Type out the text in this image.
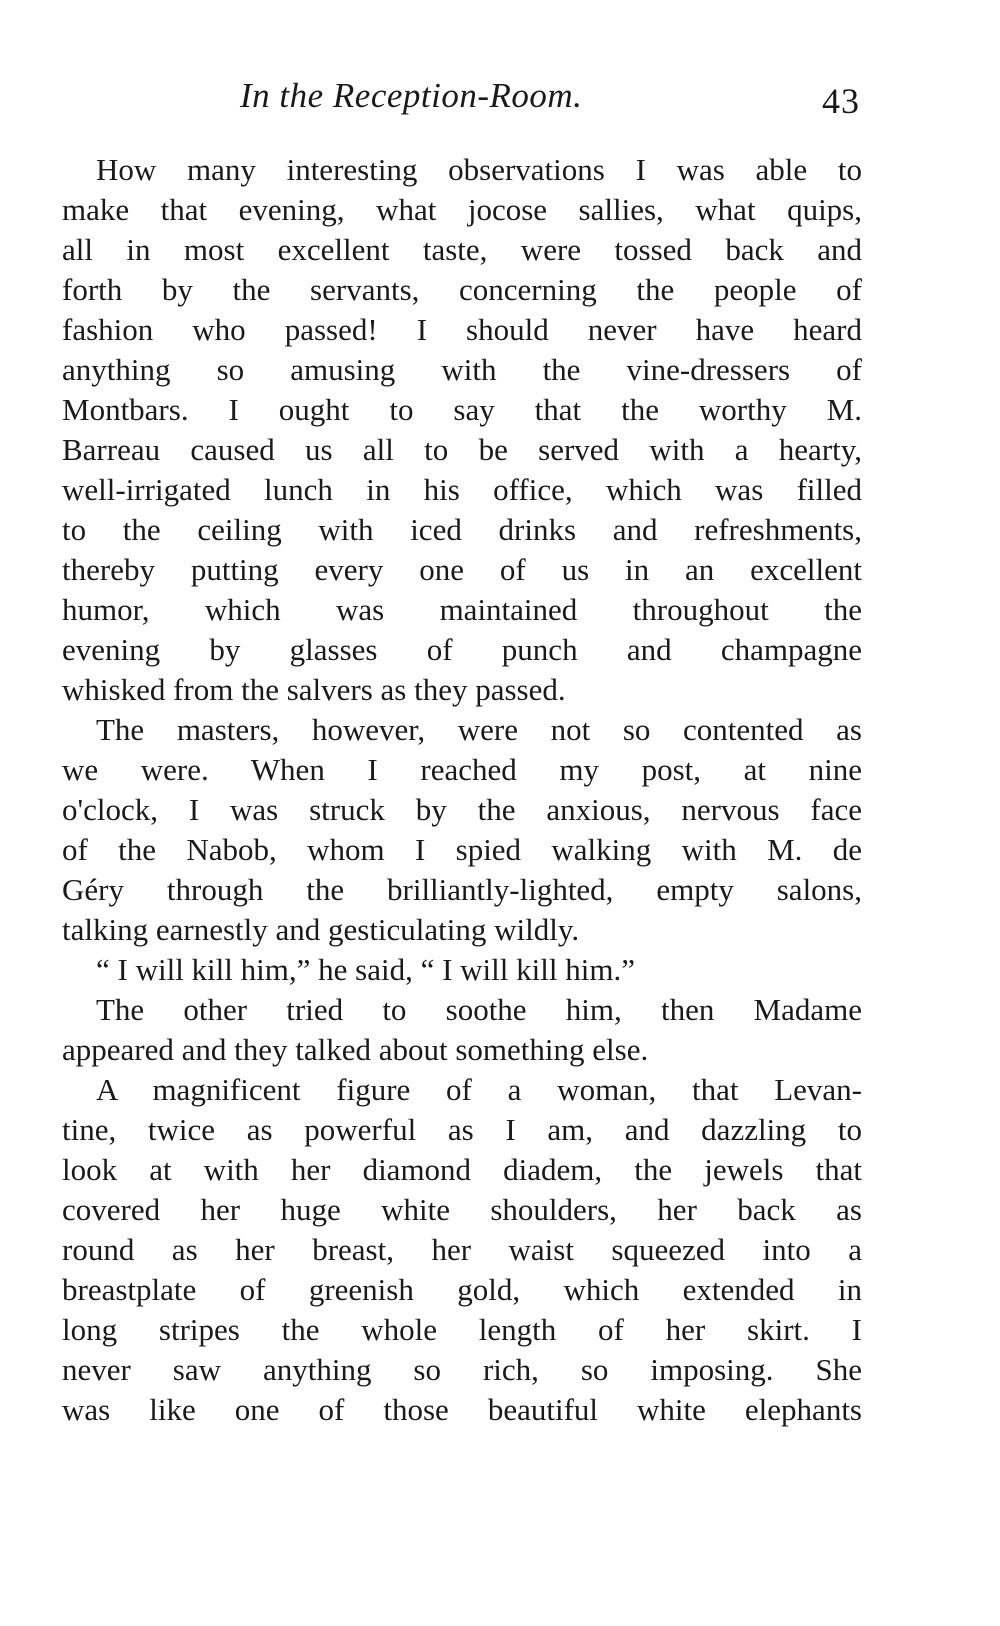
In the Reception-Room.	43
How many interesting observations I was able to
make that evening, what jocose sallies, what quips,
all in most excellent taste, were tossed back and
forth by the servants, concerning the people of
fashion who passed! I should never have heard
anything so amusing with the vine-dressers of
Montbars. I ought to say that the worthy M.
Barreau caused us all to be served with a hearty,
well-irrigated lunch in his office, which was filled
to the ceiling with iced drinks and refreshments,
thereby putting every one of us in an excellent
humor, which was maintained throughout the
evening by glasses of punch and champagne
whisked from the salvers as they passed.
The masters, however, were not so contented as
we were. When I reached my post, at nine
o'clock, I was struck by the anxious, nervous face
of the Nabob, whom I spied walking with M. de
Géry through the brilliantly-lighted, empty salons,
talking earnestly and gesticulating wildly.
“ I will kill him,” he said, “ I will kill him.”
The other tried to soothe him, then Madame
appeared and they talked about something else.
A magnificent figure of a woman, that Levan-
tine, twice as powerful as I am, and dazzling to
look at with her diamond diadem, the jewels that
covered her huge white shoulders, her back as
round as her breast, her waist squeezed into a
breastplate of greenish gold, which extended in
long stripes the whole length of her skirt. I
never saw anything so rich, so imposing. She
was like one of those beautiful white elephants
